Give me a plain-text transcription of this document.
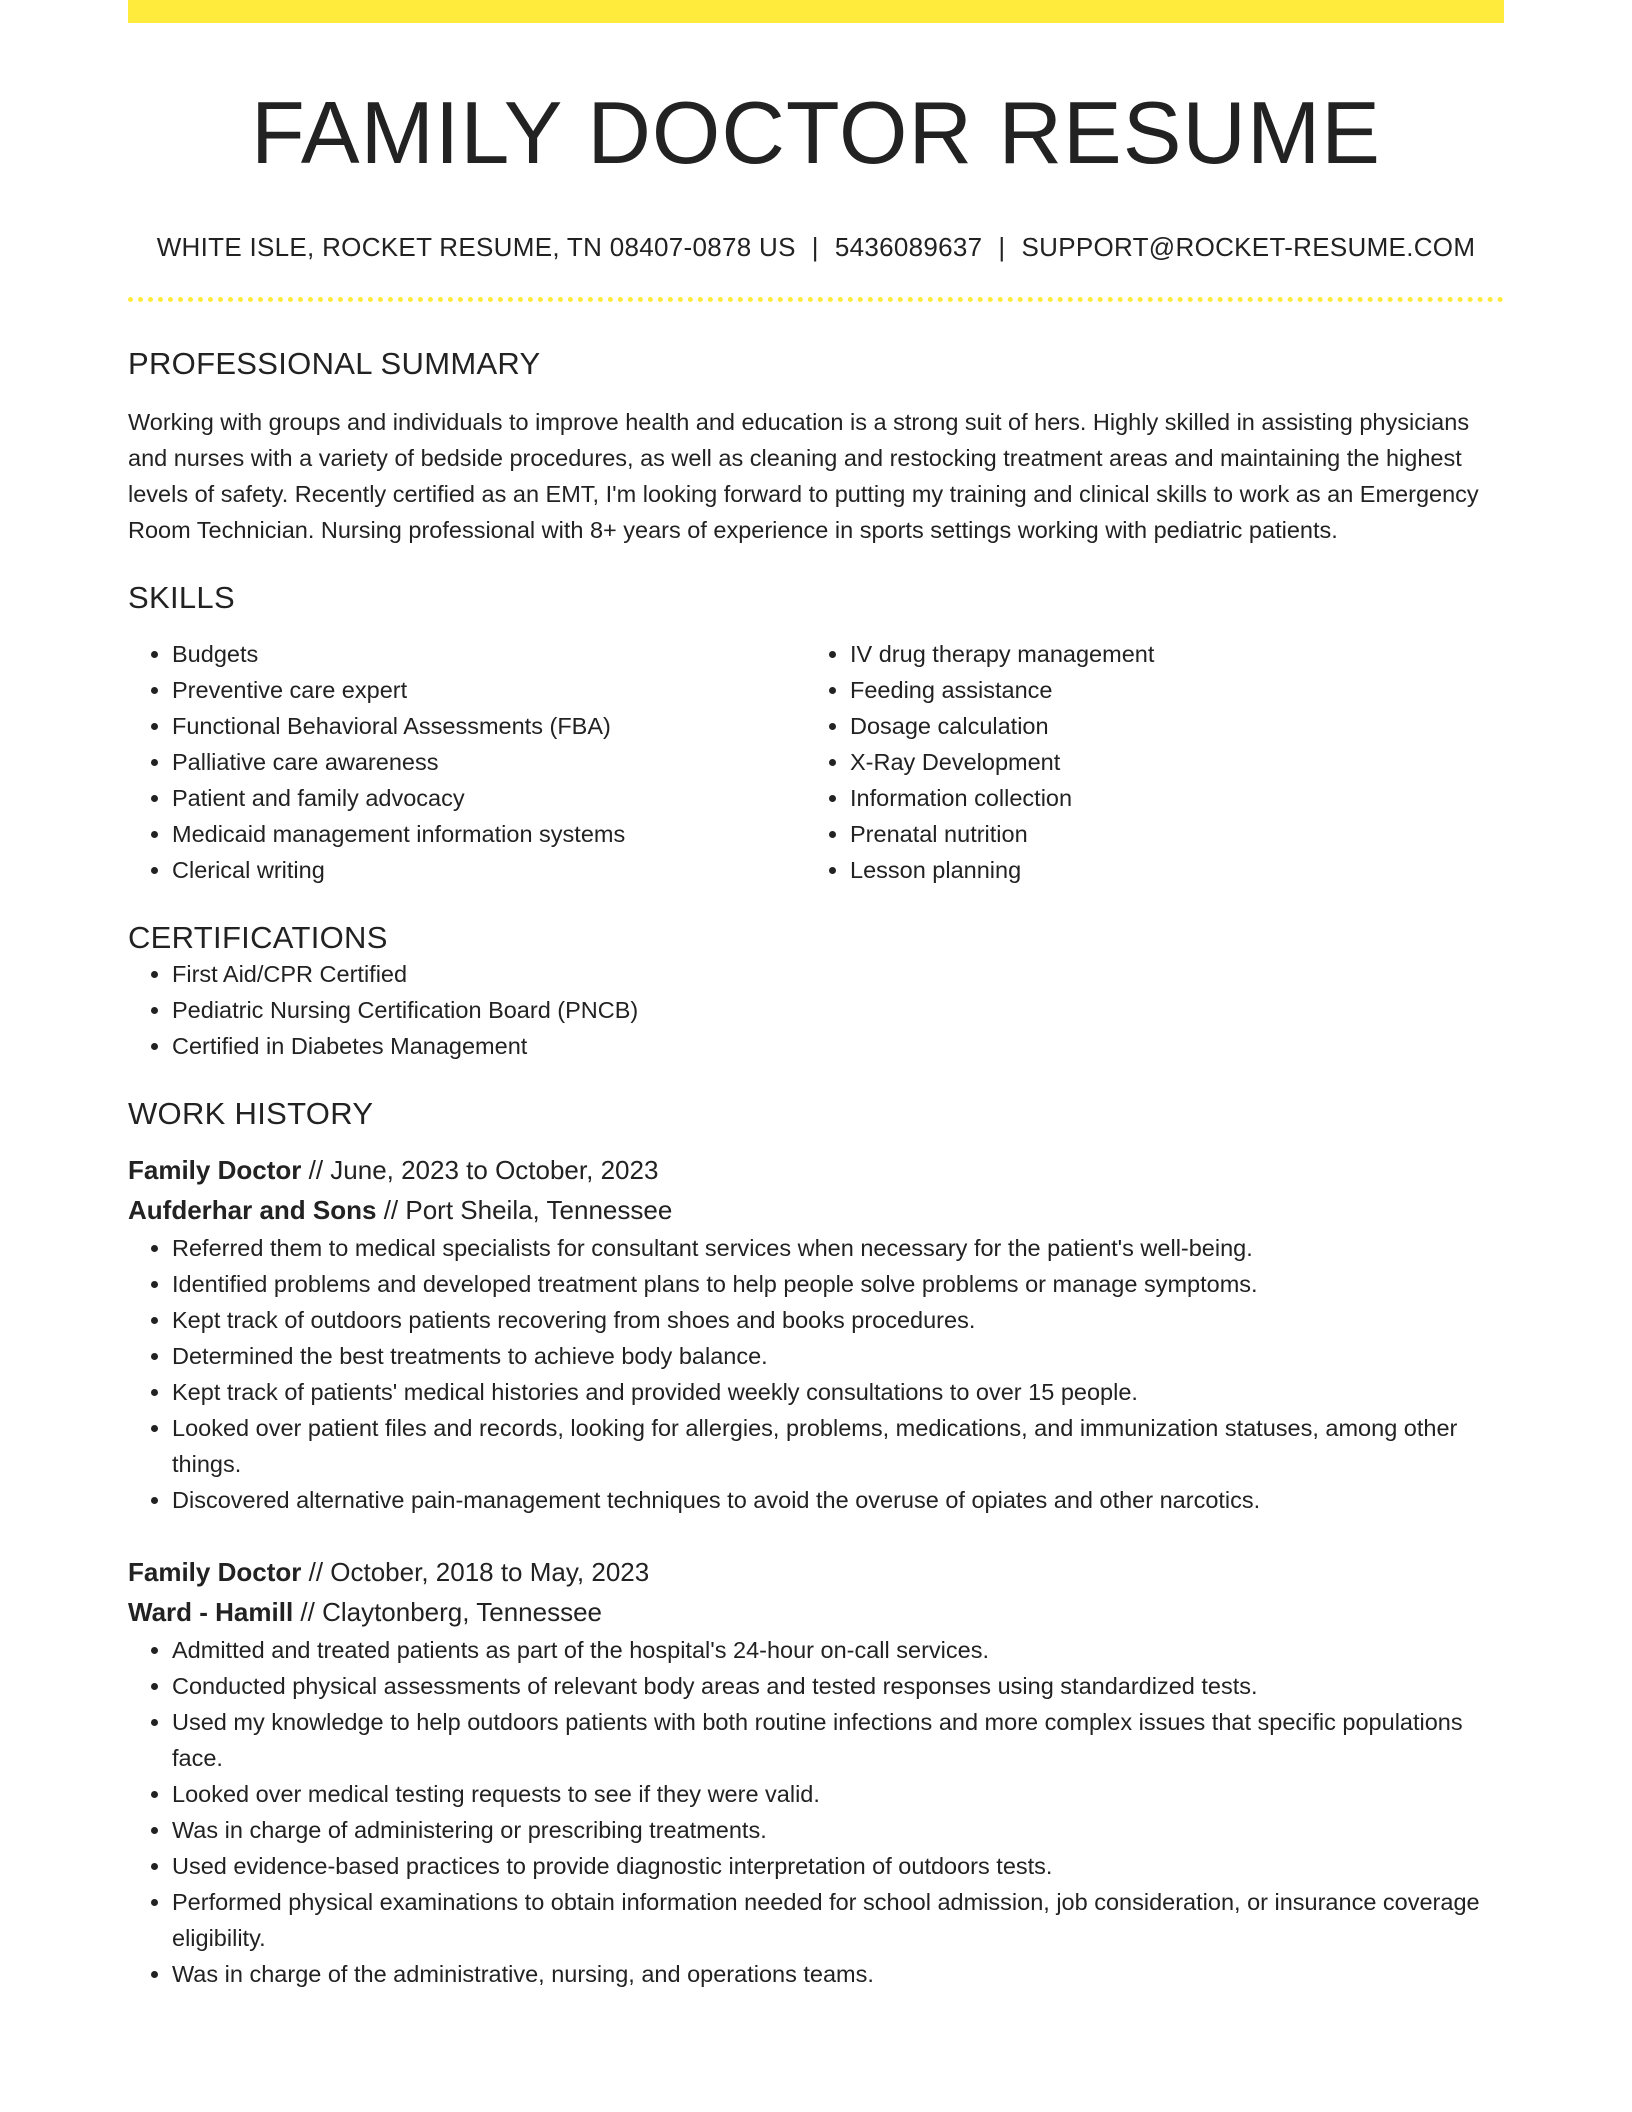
FAMILY DOCTOR RESUME
WHITE ISLE, ROCKET RESUME, TN 08407-0878 US | 5436089637 | SUPPORT@ROCKET-RESUME.COM
PROFESSIONAL SUMMARY
Working with groups and individuals to improve health and education is a strong suit of hers. Highly skilled in assisting physicians and nurses with a variety of bedside procedures, as well as cleaning and restocking treatment areas and maintaining the highest levels of safety. Recently certified as an EMT, I'm looking forward to putting my training and clinical skills to work as an Emergency Room Technician. Nursing professional with 8+ years of experience in sports settings working with pediatric patients.
SKILLS
• Budgets
• Preventive care expert
• Functional Behavioral Assessments (FBA)
• Palliative care awareness
• Patient and family advocacy
• Medicaid management information systems
• Clerical writing
• IV drug therapy management
• Feeding assistance
• Dosage calculation
• X-Ray Development
• Information collection
• Prenatal nutrition
• Lesson planning
CERTIFICATIONS
• First Aid/CPR Certified
• Pediatric Nursing Certification Board (PNCB)
• Certified in Diabetes Management
WORK HISTORY
Family Doctor // June, 2023 to October, 2023
Aufderhar and Sons // Port Sheila, Tennessee
• Referred them to medical specialists for consultant services when necessary for the patient's well-being.
• Identified problems and developed treatment plans to help people solve problems or manage symptoms.
• Kept track of outdoors patients recovering from shoes and books procedures.
• Determined the best treatments to achieve body balance.
• Kept track of patients' medical histories and provided weekly consultations to over 15 people.
• Looked over patient files and records, looking for allergies, problems, medications, and immunization statuses, among other things.
• Discovered alternative pain-management techniques to avoid the overuse of opiates and other narcotics.
Family Doctor // October, 2018 to May, 2023
Ward - Hamill // Claytonberg, Tennessee
• Admitted and treated patients as part of the hospital's 24-hour on-call services.
• Conducted physical assessments of relevant body areas and tested responses using standardized tests.
• Used my knowledge to help outdoors patients with both routine infections and more complex issues that specific populations face.
• Looked over medical testing requests to see if they were valid.
• Was in charge of administering or prescribing treatments.
• Used evidence-based practices to provide diagnostic interpretation of outdoors tests.
• Performed physical examinations to obtain information needed for school admission, job consideration, or insurance coverage eligibility.
• Was in charge of the administrative, nursing, and operations teams.
